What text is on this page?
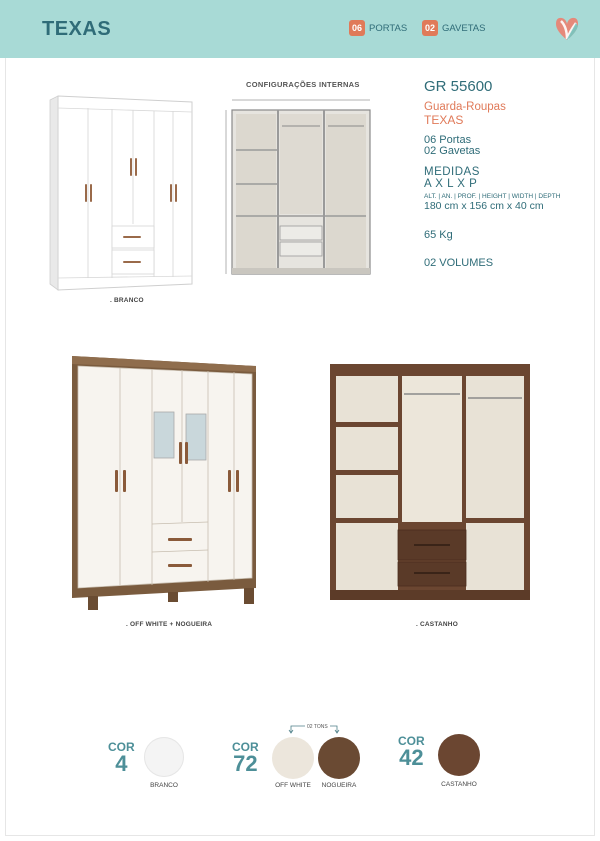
TEXAS	06 PORTAS	02 GAVETAS
. BRANCO
CONFIGURAÇÕES INTERNAS	GR 55600
Guarda-Roupas
TEXAS
06 Portas
02 Gavetas
MEDIDAS
A X L X P
ALT. | AN. | PROF. | HEIGHT | WIDTH | DEPTH
180 cm x 156 cm x 40 cm
65 Kg
02 VOLUMES
. OFF WHITE + NOGUEIRA	. CASTANHO
COR
4
BRANCO
COR
72
02 TONS
OFF WHITE	NOGUEIRA
COR
42
CASTANHO
